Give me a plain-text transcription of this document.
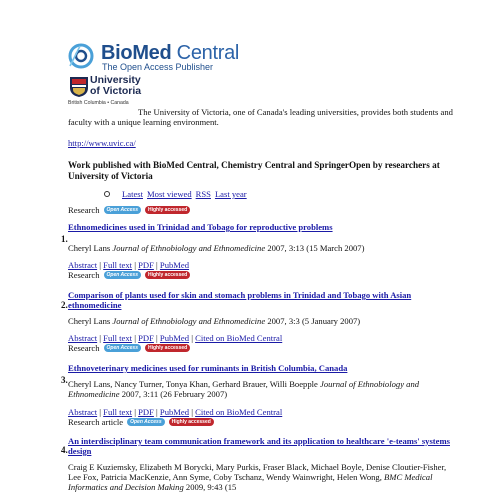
BioMed Central
The Open Access Publisher
University
of Victoria
British Columbia • Canada
The University of Victoria, one of Canada's leading universities, provides both students and faculty with a unique learning environment.
http://www.uvic.ca/
Work published with BioMed Central, Chemistry Central and SpringerOpen by researchers at University of Victoria
Latest Most viewed RSS Last year
Research	Open Access	Highly accessed
1.
Ethnomedicines used in Trinidad and Tobago for reproductive problems
Cheryl Lans Journal of Ethnobiology and Ethnomedicine 2007, 3:13 (15 March 2007)
Abstract | Full text | PDF | PubMed
Research	Open Access	Highly accessed
2.
Comparison of plants used for skin and stomach problems in Trinidad and Tobago with Asian ethnomedicine
Cheryl Lans Journal of Ethnobiology and Ethnomedicine 2007, 3:3 (5 January 2007)
Abstract | Full text | PDF | PubMed | Cited on BioMed Central
Research	Open Access	Highly accessed
3.
Ethnoveterinary medicines used for ruminants in British Columbia, Canada
Cheryl Lans, Nancy Turner, Tonya Khan, Gerhard Brauer, Willi Boepple Journal of Ethnobiology and Ethnomedicine 2007, 3:11 (26 February 2007)
Abstract | Full text | PDF | PubMed | Cited on BioMed Central
Research article	Open Access	Highly accessed
4.
An interdisciplinary team communication framework and its application to healthcare 'e-teams' systems design
Craig E Kuziemsky, Elizabeth M Borycki, Mary Purkis, Fraser Black, Michael Boyle, Denise Cloutier-Fisher, Lee Fox, Patricia MacKenzie, Ann Syme, Coby Tschanz, Wendy Wainwright, Helen Wong, BMC Medical Informatics and Decision Making 2009, 9:43 (15
